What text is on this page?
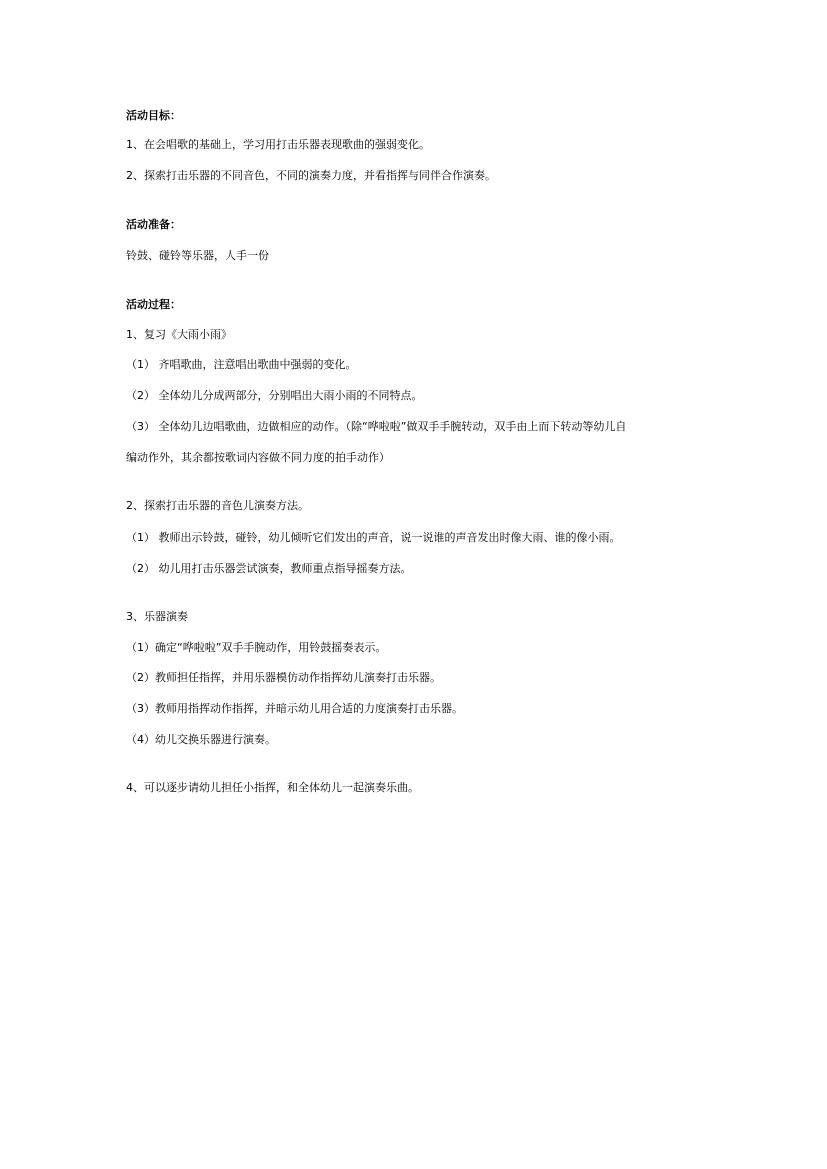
活动目标：
1、在会唱歌的基础上，学习用打击乐器表现歌曲的强弱变化。
2、探索打击乐器的不同音色，不同的演奏力度，并看指挥与同伴合作演奏。
活动准备：
铃鼓、碰铃等乐器，人手一份
活动过程：
1、复习《大雨小雨》
（1） 齐唱歌曲，注意唱出歌曲中强弱的变化。
（2） 全体幼儿分成两部分，分别唱出大雨小雨的不同特点。
（3） 全体幼儿边唱歌曲，边做相应的动作。（除“哗啦啦”做双手手腕转动，双手由上而下转动等幼儿自
编动作外，其余都按歌词内容做不同力度的拍手动作）
2、探索打击乐器的音色儿演奏方法。
（1） 教师出示铃鼓，碰铃，幼儿倾听它们发出的声音，说一说谁的声音发出时像大雨、谁的像小雨。
（2） 幼儿用打击乐器尝试演奏，教师重点指导摇奏方法。
3、乐器演奏
（1）确定“哗啦啦”双手手腕动作，用铃鼓摇奏表示。
（2）教师担任指挥，并用乐器模仿动作指挥幼儿演奏打击乐器。
（3）教师用指挥动作指挥，并暗示幼儿用合适的力度演奏打击乐器。
（4）幼儿交换乐器进行演奏。
4、可以逐步请幼儿担任小指挥，和全体幼儿一起演奏乐曲。
